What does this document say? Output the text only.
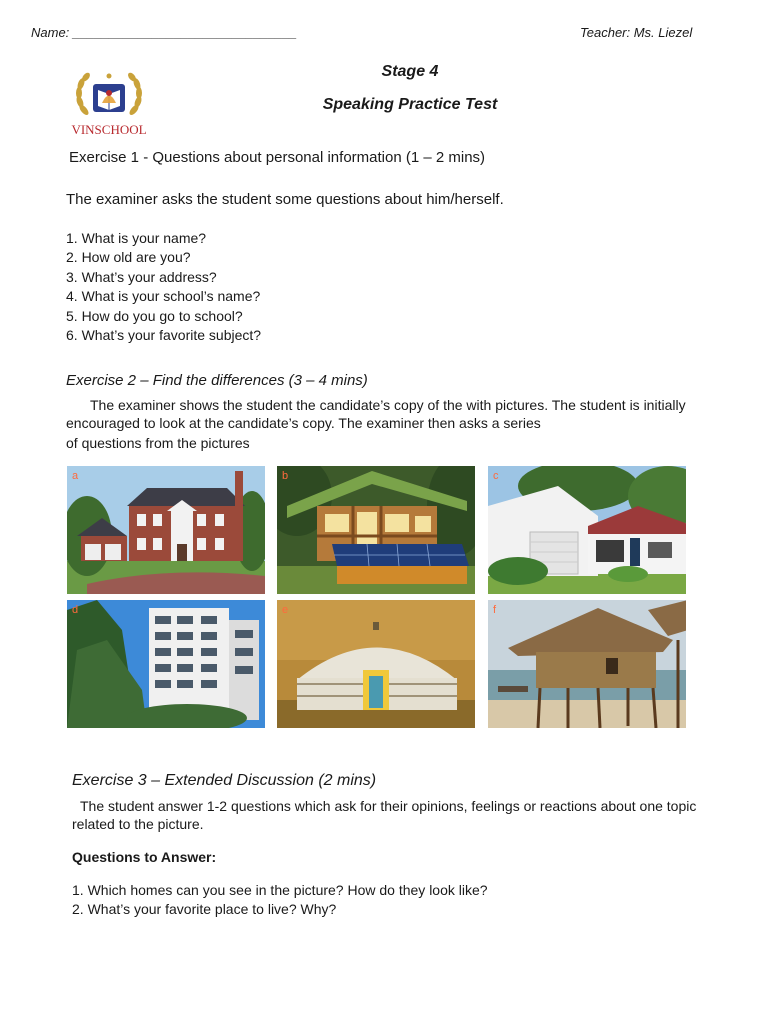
Name: _______________________________	Teacher: Ms. Liezel
VINSCHOOL
Stage 4
Speaking Practice Test
Exercise 1 - Questions about personal information (1 – 2 mins)
The examiner asks the student some questions about him/herself.
1. What is your name?
2. How old are you?
3. What’s your address?
4. What is your school’s name?
5. How do you go to school?
6. What’s your favorite subject?
Exercise 2 – Find the differences (3 – 4 mins)
The examiner shows the student the candidate’s copy of the with pictures. The student is initially
encouraged to look at the candidate’s copy. The examiner then asks a series
of questions from the pictures
a	b	c
d	e	f
Exercise 3 – Extended Discussion (2 mins)
The student answer 1-2 questions which ask for their opinions, feelings or reactions about one topic
related to the picture.
Questions to Answer:
1. Which homes can you see in the picture? How do they look like?
2. What’s your favorite place to live? Why?
